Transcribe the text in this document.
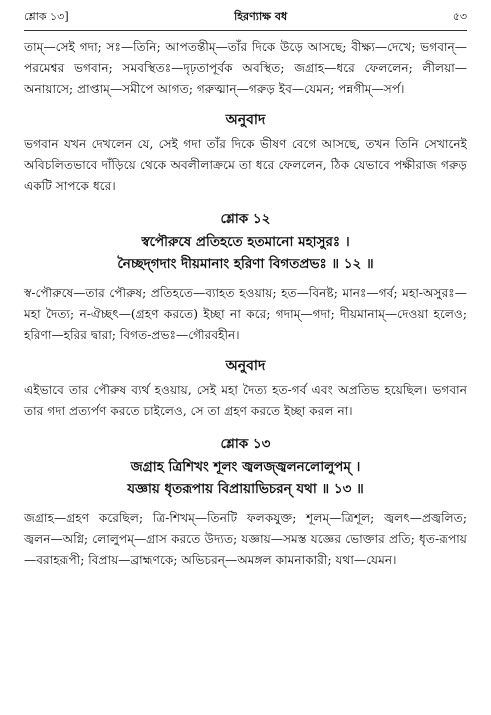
শ্লোক ১৩]	হিরণ্যাক্ষ বধ	৫৩

তাম্‌—সেই গদা; সঃ—তিনি; আপতন্তীম্‌—তাঁর দিকে উড়ে আসছে; বীক্ষ্য—দেখে; ভগবান্‌—পরমেশ্বর ভগবান; সমবস্থিতঃ—দৃঢ়তাপূর্বক অবস্থিত; জগ্রাহ—ধরে ফেললেন; লীলয়া—অনায়াসে; প্রাপ্তাম্‌—সমীপে আগত; গরুত্মান্‌—গরুড় ইব—যেমন; পন্নগীম্‌—সর্প।

অনুবাদ

ভগবান যখন দেখলেন যে, সেই গদা তাঁর দিকে ভীষণ বেগে আসছে, তখন তিনি সেখানেই অবিচলিতভাবে দাঁড়িয়ে থেকে অবলীলাক্রমে তা ধরে ফেললেন, ঠিক যেভাবে পক্ষীরাজ গরুড় একটি সাপকে ধরে।

শ্লোক ১২
স্বপৌরুষে প্রতিহতে হতমানো মহাসুরঃ ।
নৈচ্ছদ্‌গদাং দীয়মানাং হরিণা বিগতপ্রভঃ ॥ ১২ ॥

স্ব-পৌরুষে—তার পৌরুষ; প্রতিহতে—ব্যাহত হওয়ায়; হত—বিনষ্ট; মানঃ—গর্ব; মহা-অসুরঃ—মহা দৈত্য; ন-ঐচ্ছৎ—(গ্রহণ করতে) ইচ্ছা না করে; গদাম্‌—গদা; দীয়মানাম্‌—দেওয়া হলেও; হরিণা—হরির দ্বারা; বিগত-প্রভঃ—গৌরবহীন।

অনুবাদ

এইভাবে তার পৌরুষ ব্যর্থ হওয়ায়, সেই মহা দৈত্য হত-গর্ব এবং অপ্রতিভ হয়েছিল। ভগবান তার গদা প্রত্যর্পণ করতে চাইলেও, সে তা গ্রহণ করতে ইচ্ছা করল না।

শ্লোক ১৩
জগ্রাহ ত্রিশিখং শূলং জ্বলজ্জ্বলনলোলুপম্‌ ।
যজ্ঞায় ধৃতরূপায় বিপ্রায়াভিচরন্‌ যথা ॥ ১৩ ॥

জগ্রাহ—গ্রহণ করেছিল; ত্রি-শিখম্‌—তিনটি ফলকযুক্ত; শূলম্‌—ত্রিশূল; জ্বলৎ—প্রজ্বলিত; জ্বলন—অগ্নি; লোলুপম্‌—গ্রাস করতে উদ্যত; যজ্ঞায়—সমস্ত যজ্ঞের ভোক্তার প্রতি; ধৃত-রূপায়—বরাহরূপী; বিপ্রায়—ব্রাহ্মণকে; অভিচরন্‌—অমঙ্গল কামনাকারী; যথা—যেমন।
